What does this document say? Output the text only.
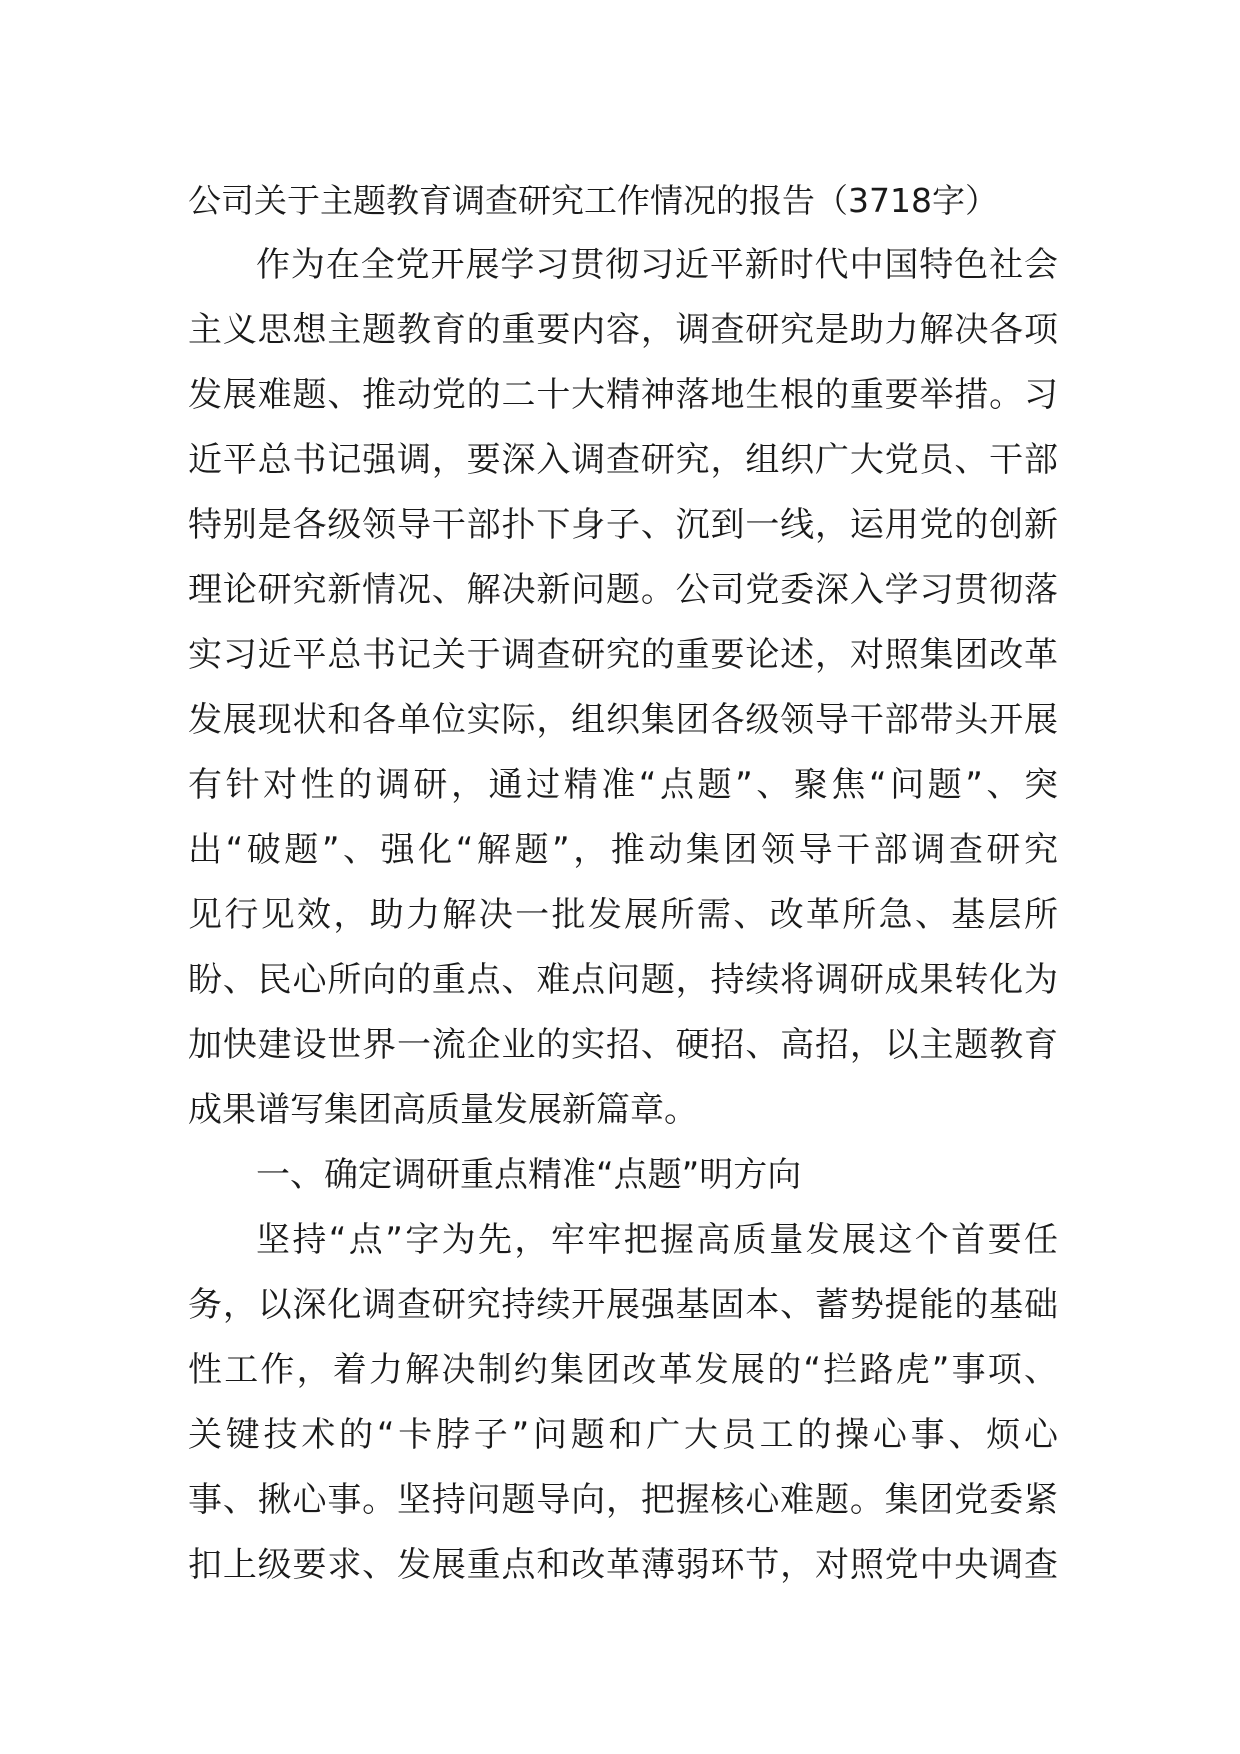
公司关于主题教育调查研究工作情况的报告（3718字）
作为在全党开展学习贯彻习近平新时代中国特色社会
主义思想主题教育的重要内容，调查研究是助力解决各项
发展难题、推动党的二十大精神落地生根的重要举措。习
近平总书记强调，要深入调查研究，组织广大党员、干部
特别是各级领导干部扑下身子、沉到一线，运用党的创新
理论研究新情况、解决新问题。公司党委深入学习贯彻落
实习近平总书记关于调查研究的重要论述，对照集团改革
发展现状和各单位实际，组织集团各级领导干部带头开展
有针对性的调研，通过精准“点题”、聚焦“问题”、突
出“破题”、强化“解题”，推动集团领导干部调查研究
见行见效，助力解决一批发展所需、改革所急、基层所
盼、民心所向的重点、难点问题，持续将调研成果转化为
加快建设世界一流企业的实招、硬招、高招，以主题教育
成果谱写集团高质量发展新篇章。
一、确定调研重点精准“点题”明方向
坚持“点”字为先，牢牢把握高质量发展这个首要任
务，以深化调查研究持续开展强基固本、蓄势提能的基础
性工作，着力解决制约集团改革发展的“拦路虎”事项、
关键技术的“卡脖子”问题和广大员工的操心事、烦心
事、揪心事。坚持问题导向，把握核心难题。集团党委紧
扣上级要求、发展重点和改革薄弱环节，对照党中央调查
